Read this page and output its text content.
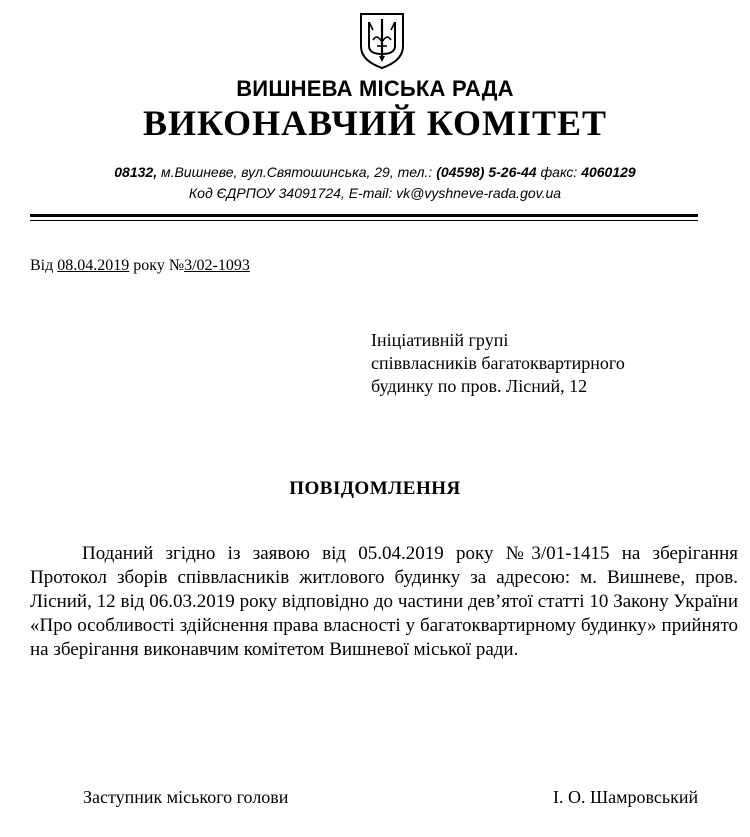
ВИШНЕВА МІСЬКА РАДА
ВИКОНАВЧИЙ КОМІТЕТ
08132, м.Вишневе, вул.Святошинська, 29, тел.: (04598) 5-26-44 факс: 4060129
Код ЄДРПОУ 34091724, E-mail: vk@vyshneve-rada.gov.ua
Від 08.04.2019 року №3/02-1093
Ініціативній групі
співвласників багатоквартирного
будинку по пров. Лісний, 12
ПОВІДОМЛЕННЯ
Поданий згідно із заявою від 05.04.2019 року №3/01-1415 на зберігання Протокол зборів співвласників житлового будинку за адресою: м. Вишневе, пров. Лісний, 12 від 06.03.2019 року відповідно до частини дев’ятої статті 10 Закону України «Про особливості здійснення права власності у багатоквартирному будинку» прийнято на зберігання виконавчим комітетом Вишневої міської ради.
Заступник міського голови	І. О. Шамровський
